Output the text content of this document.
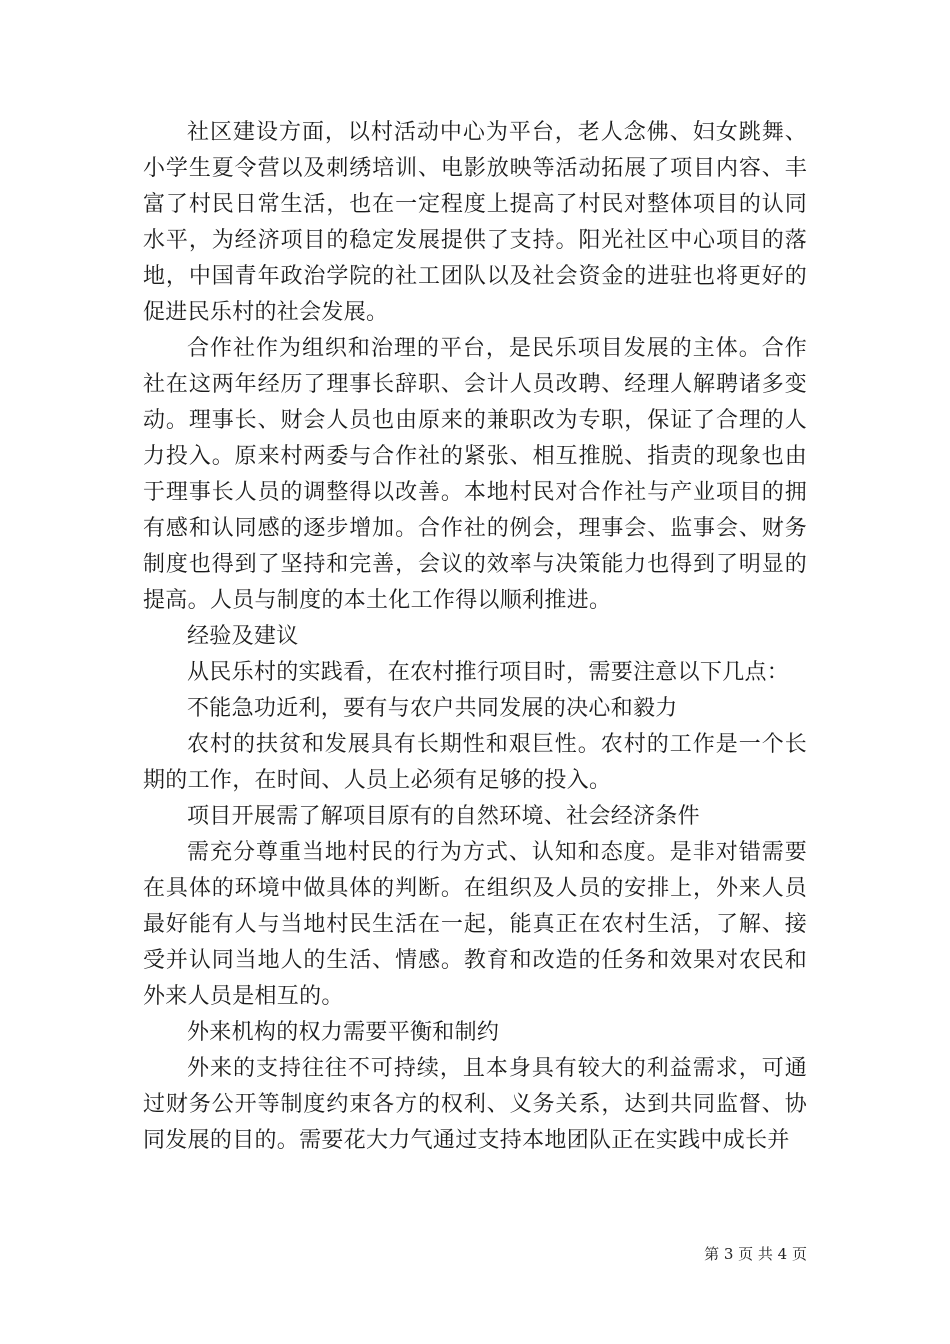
社区建设方面，以村活动中心为平台，老人念佛、妇女跳舞、小学生夏令营以及刺绣培训、电影放映等活动拓展了项目内容、丰富了村民日常生活，也在一定程度上提高了村民对整体项目的认同水平，为经济项目的稳定发展提供了支持。阳光社区中心项目的落地，中国青年政治学院的社工团队以及社会资金的进驻也将更好的促进民乐村的社会发展。

合作社作为组织和治理的平台，是民乐项目发展的主体。合作社在这两年经历了理事长辞职、会计人员改聘、经理人解聘诸多变动。理事长、财会人员也由原来的兼职改为专职，保证了合理的人力投入。原来村两委与合作社的紧张、相互推脱、指责的现象也由于理事长人员的调整得以改善。本地村民对合作社与产业项目的拥有感和认同感的逐步增加。合作社的例会，理事会、监事会、财务制度也得到了坚持和完善，会议的效率与决策能力也得到了明显的提高。人员与制度的本土化工作得以顺利推进。

经验及建议

从民乐村的实践看，在农村推行项目时，需要注意以下几点：

不能急功近利，要有与农户共同发展的决心和毅力

农村的扶贫和发展具有长期性和艰巨性。农村的工作是一个长期的工作，在时间、人员上必须有足够的投入。

项目开展需了解项目原有的自然环境、社会经济条件

需充分尊重当地村民的行为方式、认知和态度。是非对错需要在具体的环境中做具体的判断。在组织及人员的安排上，外来人员最好能有人与当地村民生活在一起，能真正在农村生活，了解、接受并认同当地人的生活、情感。教育和改造的任务和效果对农民和外来人员是相互的。

外来机构的权力需要平衡和制约

外来的支持往往不可持续，且本身具有较大的利益需求，可通过财务公开等制度约束各方的权利、义务关系，达到共同监督、协同发展的目的。需要花大力气通过支持本地团队正在实践中成长并

第 3 页 共 4 页
